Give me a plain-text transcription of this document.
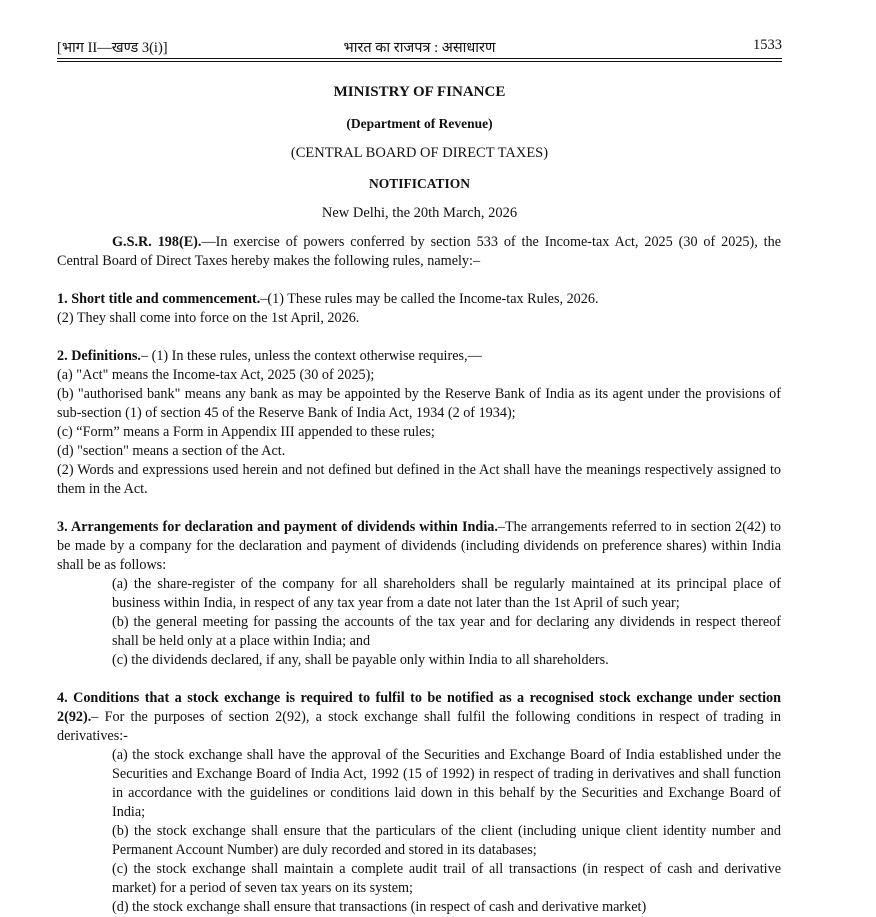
[भाग II—खण्ड 3(i)]	भारत का राजपत्र : असाधारण	1533
MINISTRY OF FINANCE
(Department of Revenue)
(CENTRAL BOARD OF DIRECT TAXES)
NOTIFICATION
New Delhi, the 20th March, 2026

G.S.R. 198(E).—In exercise of powers conferred by section 533 of the Income-tax Act, 2025 (30 of 2025), the Central Board of Direct Taxes hereby makes the following rules, namely:–

1. Short title and commencement.–(1) These rules may be called the Income-tax Rules, 2026.

(2) They shall come into force on the 1st April, 2026.

2. Definitions.– (1) In these rules, unless the context otherwise requires,—

(a) "Act" means the Income-tax Act, 2025 (30 of 2025);

(b) "authorised bank" means any bank as may be appointed by the Reserve Bank of India as its agent under the provisions of sub-section (1) of section 45 of the Reserve Bank of India Act, 1934 (2 of 1934);

(c) “Form” means a Form in Appendix III appended to these rules;

(d) "section" means a section of the Act.

(2) Words and expressions used herein and not defined but defined in the Act shall have the meanings respectively assigned to them in the Act.

3. Arrangements for declaration and payment of dividends within India.–The arrangements referred to in section 2(42) to be made by a company for the declaration and payment of dividends (including dividends on preference shares) within India shall be as follows:

(a) the share-register of the company for all shareholders shall be regularly maintained at its principal place of business within India, in respect of any tax year from a date not later than the 1st April of such year;

(b) the general meeting for passing the accounts of the tax year and for declaring any dividends in respect thereof shall be held only at a place within India; and

(c) the dividends declared, if any, shall be payable only within India to all shareholders.

4. Conditions that a stock exchange is required to fulfil to be notified as a recognised stock exchange under section 2(92).– For the purposes of section 2(92), a stock exchange shall fulfil the following conditions in respect of trading in derivatives:-

(a) the stock exchange shall have the approval of the Securities and Exchange Board of India established under the Securities and Exchange Board of India Act, 1992 (15 of 1992) in respect of trading in derivatives and shall function in accordance with the guidelines or conditions laid down in this behalf by the Securities and Exchange Board of India;

(b) the stock exchange shall ensure that the particulars of the client (including unique client identity number and Permanent Account Number) are duly recorded and stored in its databases;

(c) the stock exchange shall maintain a complete audit trail of all transactions (in respect of cash and derivative market) for a period of seven tax years on its system;

(d) the stock exchange shall ensure that transactions (in respect of cash and derivative market)
